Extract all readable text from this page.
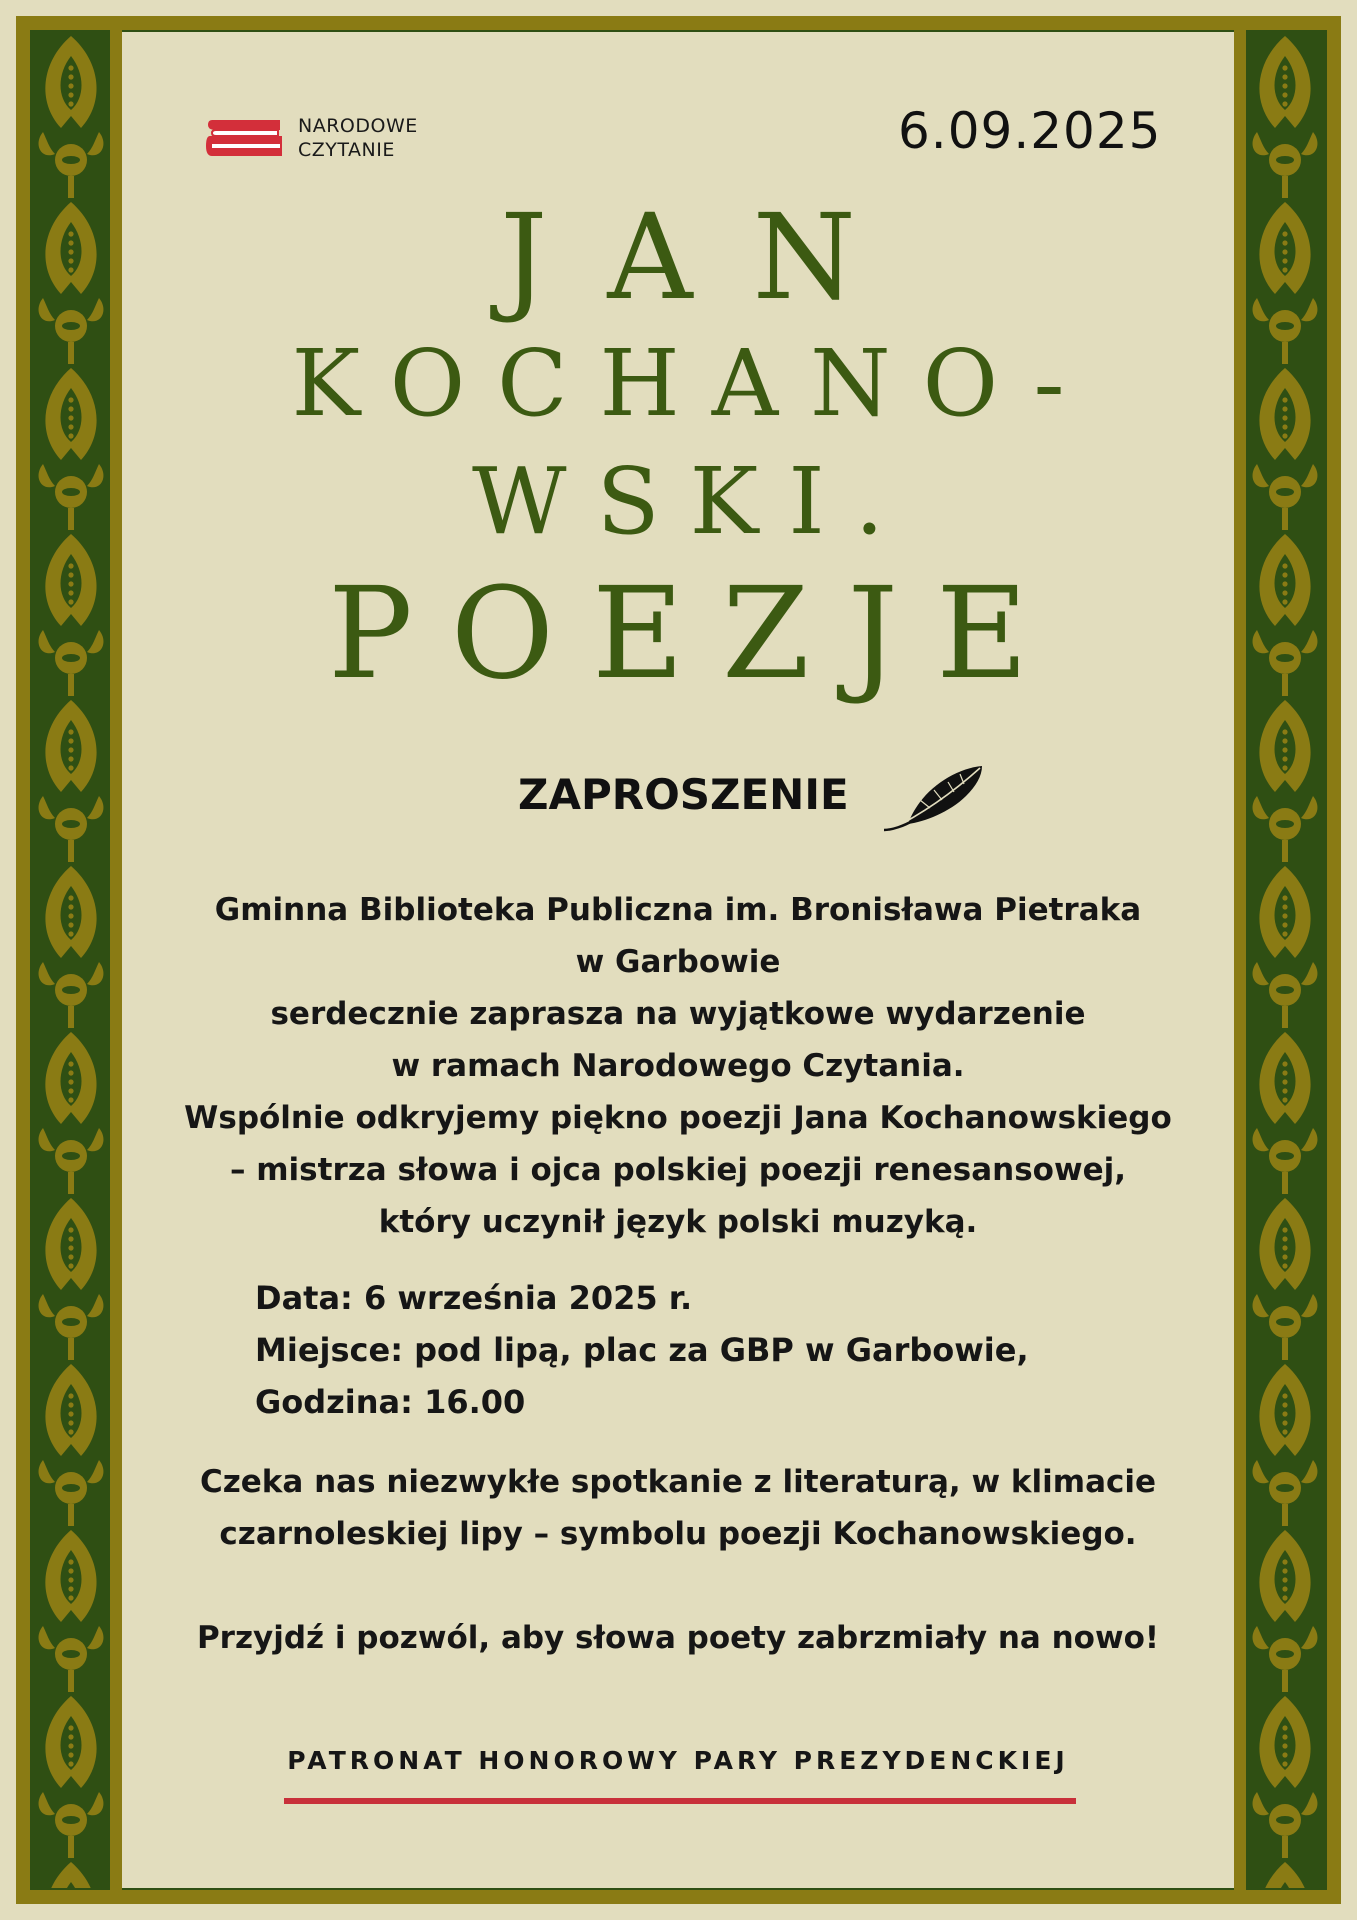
NARODOWE
CZYTANIE	6.09.2025
JAN
KOCHANO-
WSKI.
POEZJE
ZAPROSZENIE
Gminna Biblioteka Publiczna im. Bronisława Pietraka
w Garbowie
serdecznie zaprasza na wyjątkowe wydarzenie
w ramach Narodowego Czytania.
Wspólnie odkryjemy piękno poezji Jana Kochanowskiego
– mistrza słowa i ojca polskiej poezji renesansowej,
który uczynił język polski muzyką.
Data: 6 września 2025 r.
Miejsce: pod lipą, plac za GBP w Garbowie,
Godzina: 16.00
Czeka nas niezwykłe spotkanie z literaturą, w klimacie
czarnoleskiej lipy – symbolu poezji Kochanowskiego.
Przyjdź i pozwól, aby słowa poety zabrzmiały na nowo!
PATRONAT HONOROWY PARY PREZYDENCKIEJ
